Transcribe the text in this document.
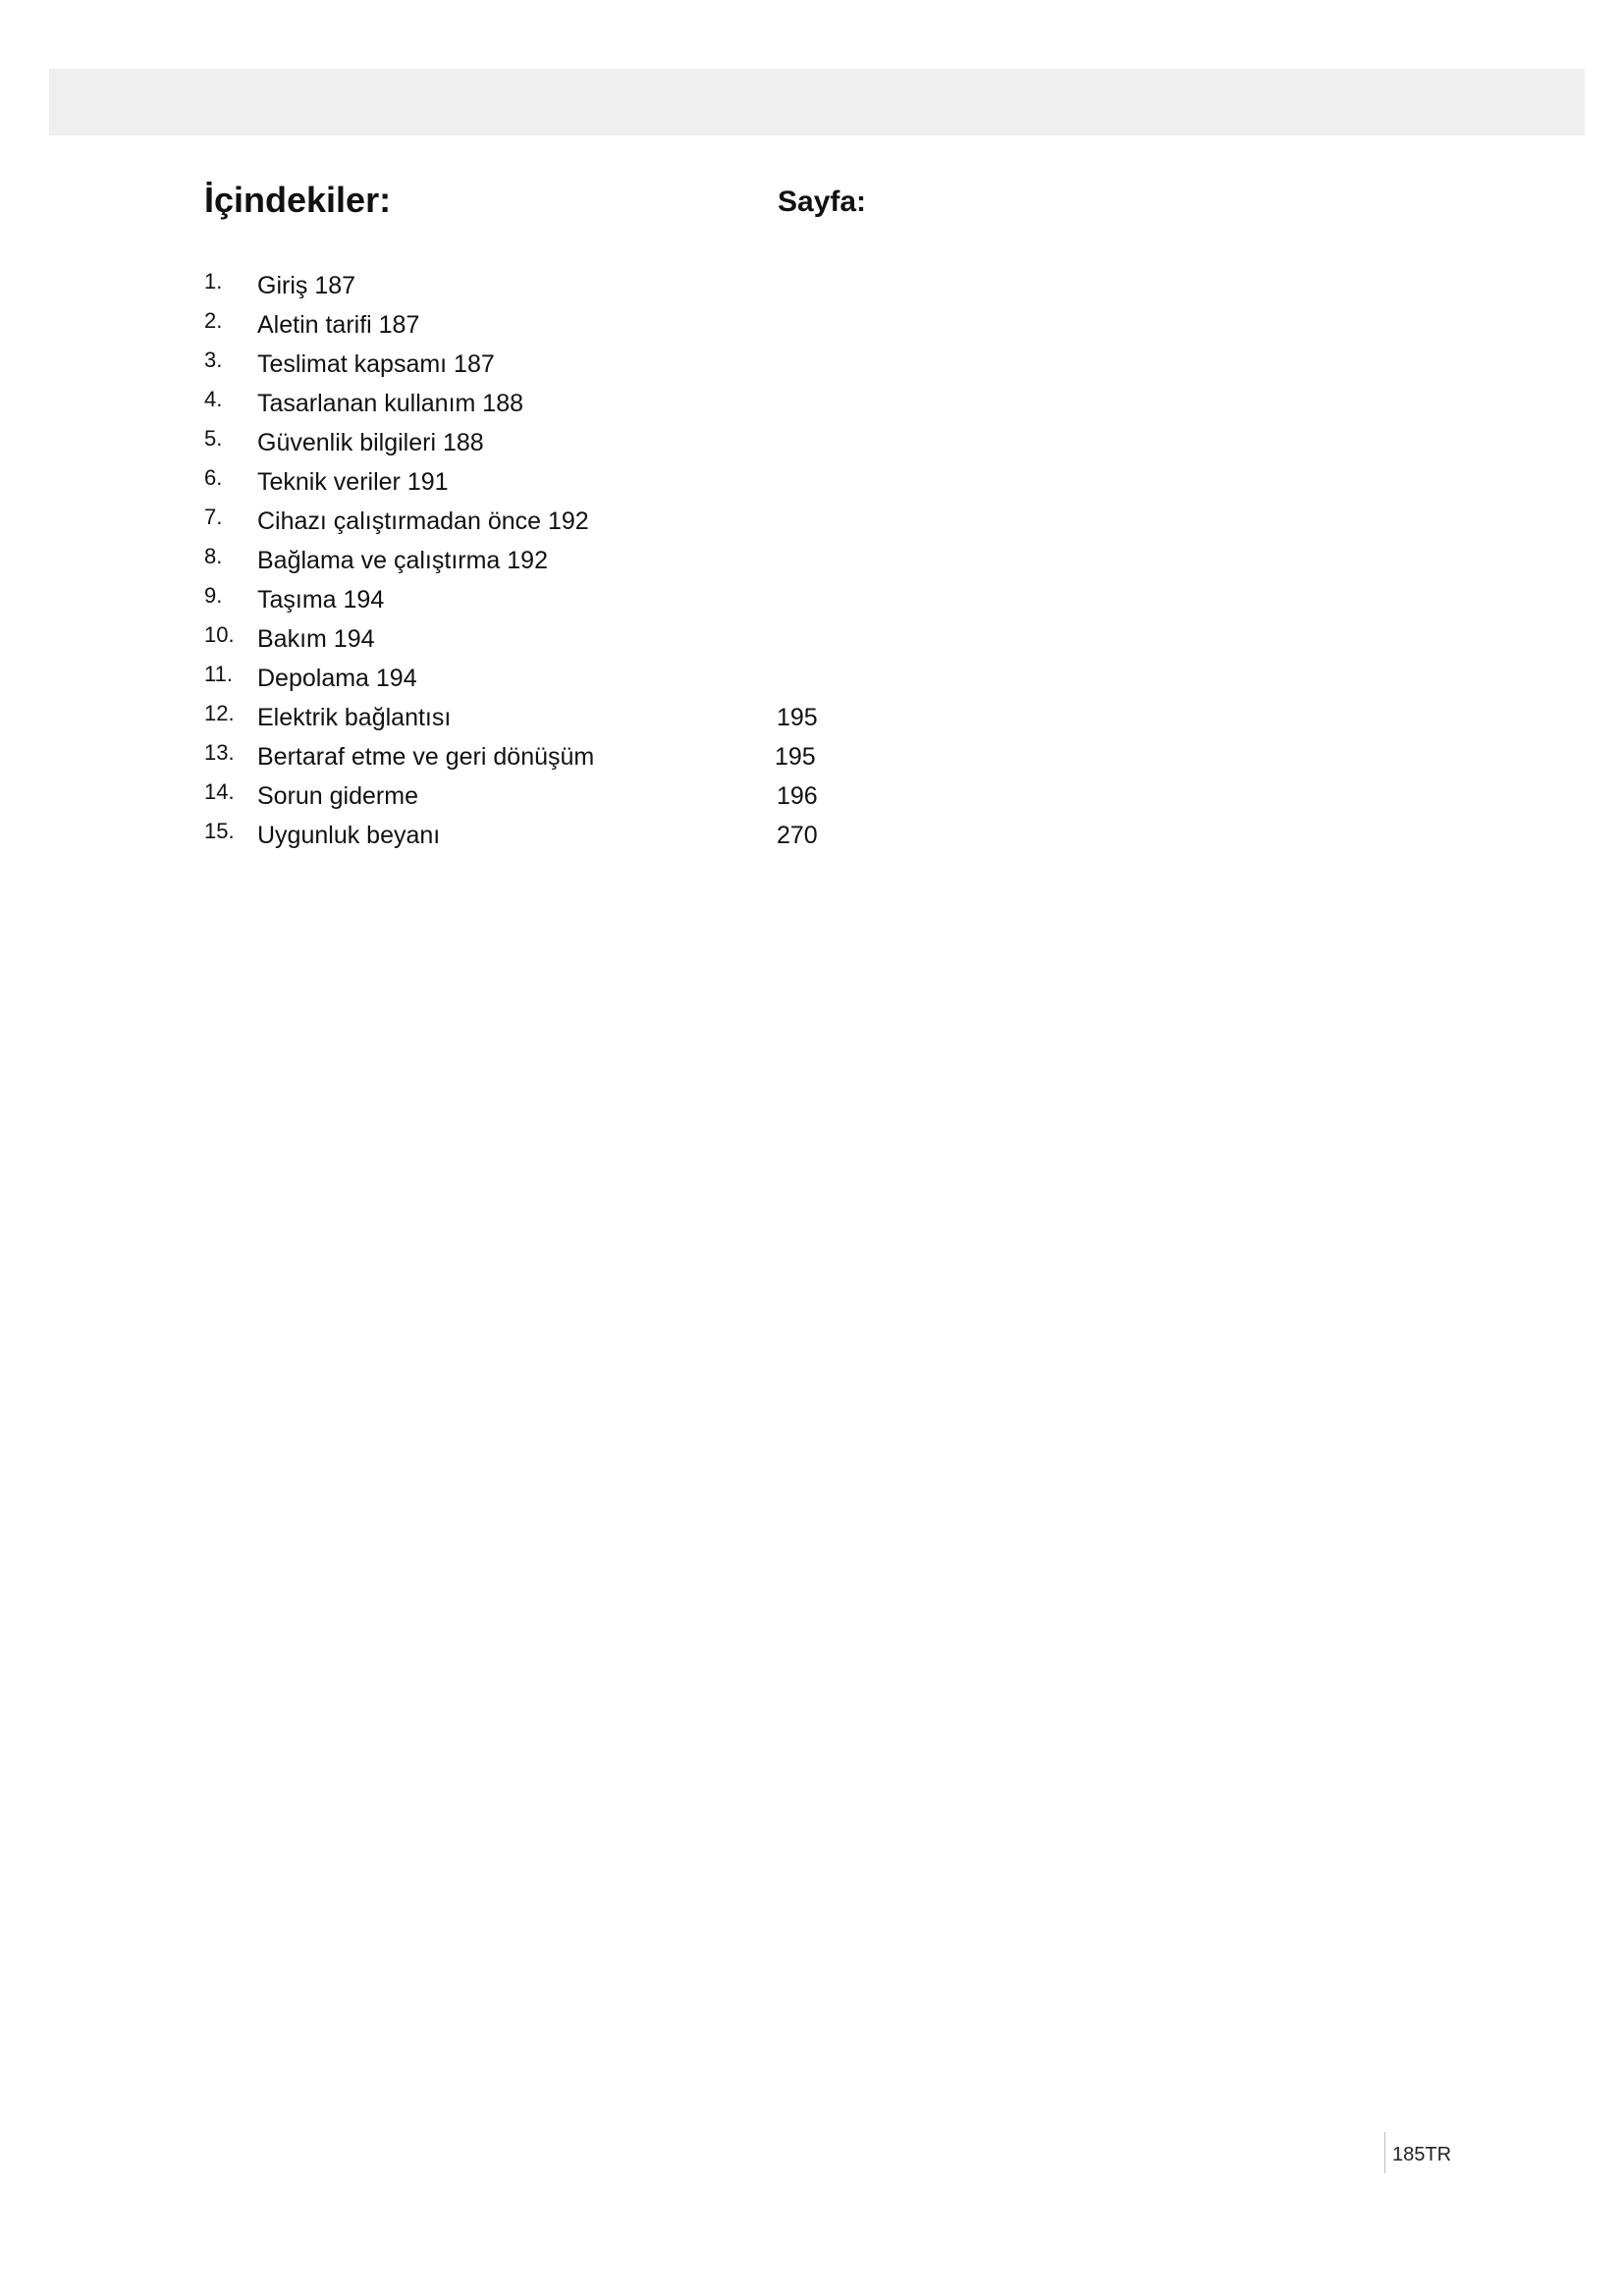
İçindekiler:	Sayfa:
1. Giriş 187
2. Aletin tarifi 187
3. Teslimat kapsamı 187
4. Tasarlanan kullanım 188
5. Güvenlik bilgileri 188
6. Teknik veriler 191
7. Cihazı çalıştırmadan önce 192
8. Bağlama ve çalıştırma 192
9. Taşıma 194
10. Bakım 194
11. Depolama 194
12. Elektrik bağlantısı	195
13. Bertaraf etme ve geri dönüşüm	195
14. Sorun giderme	196
15. Uygunluk beyanı	270
185TR
